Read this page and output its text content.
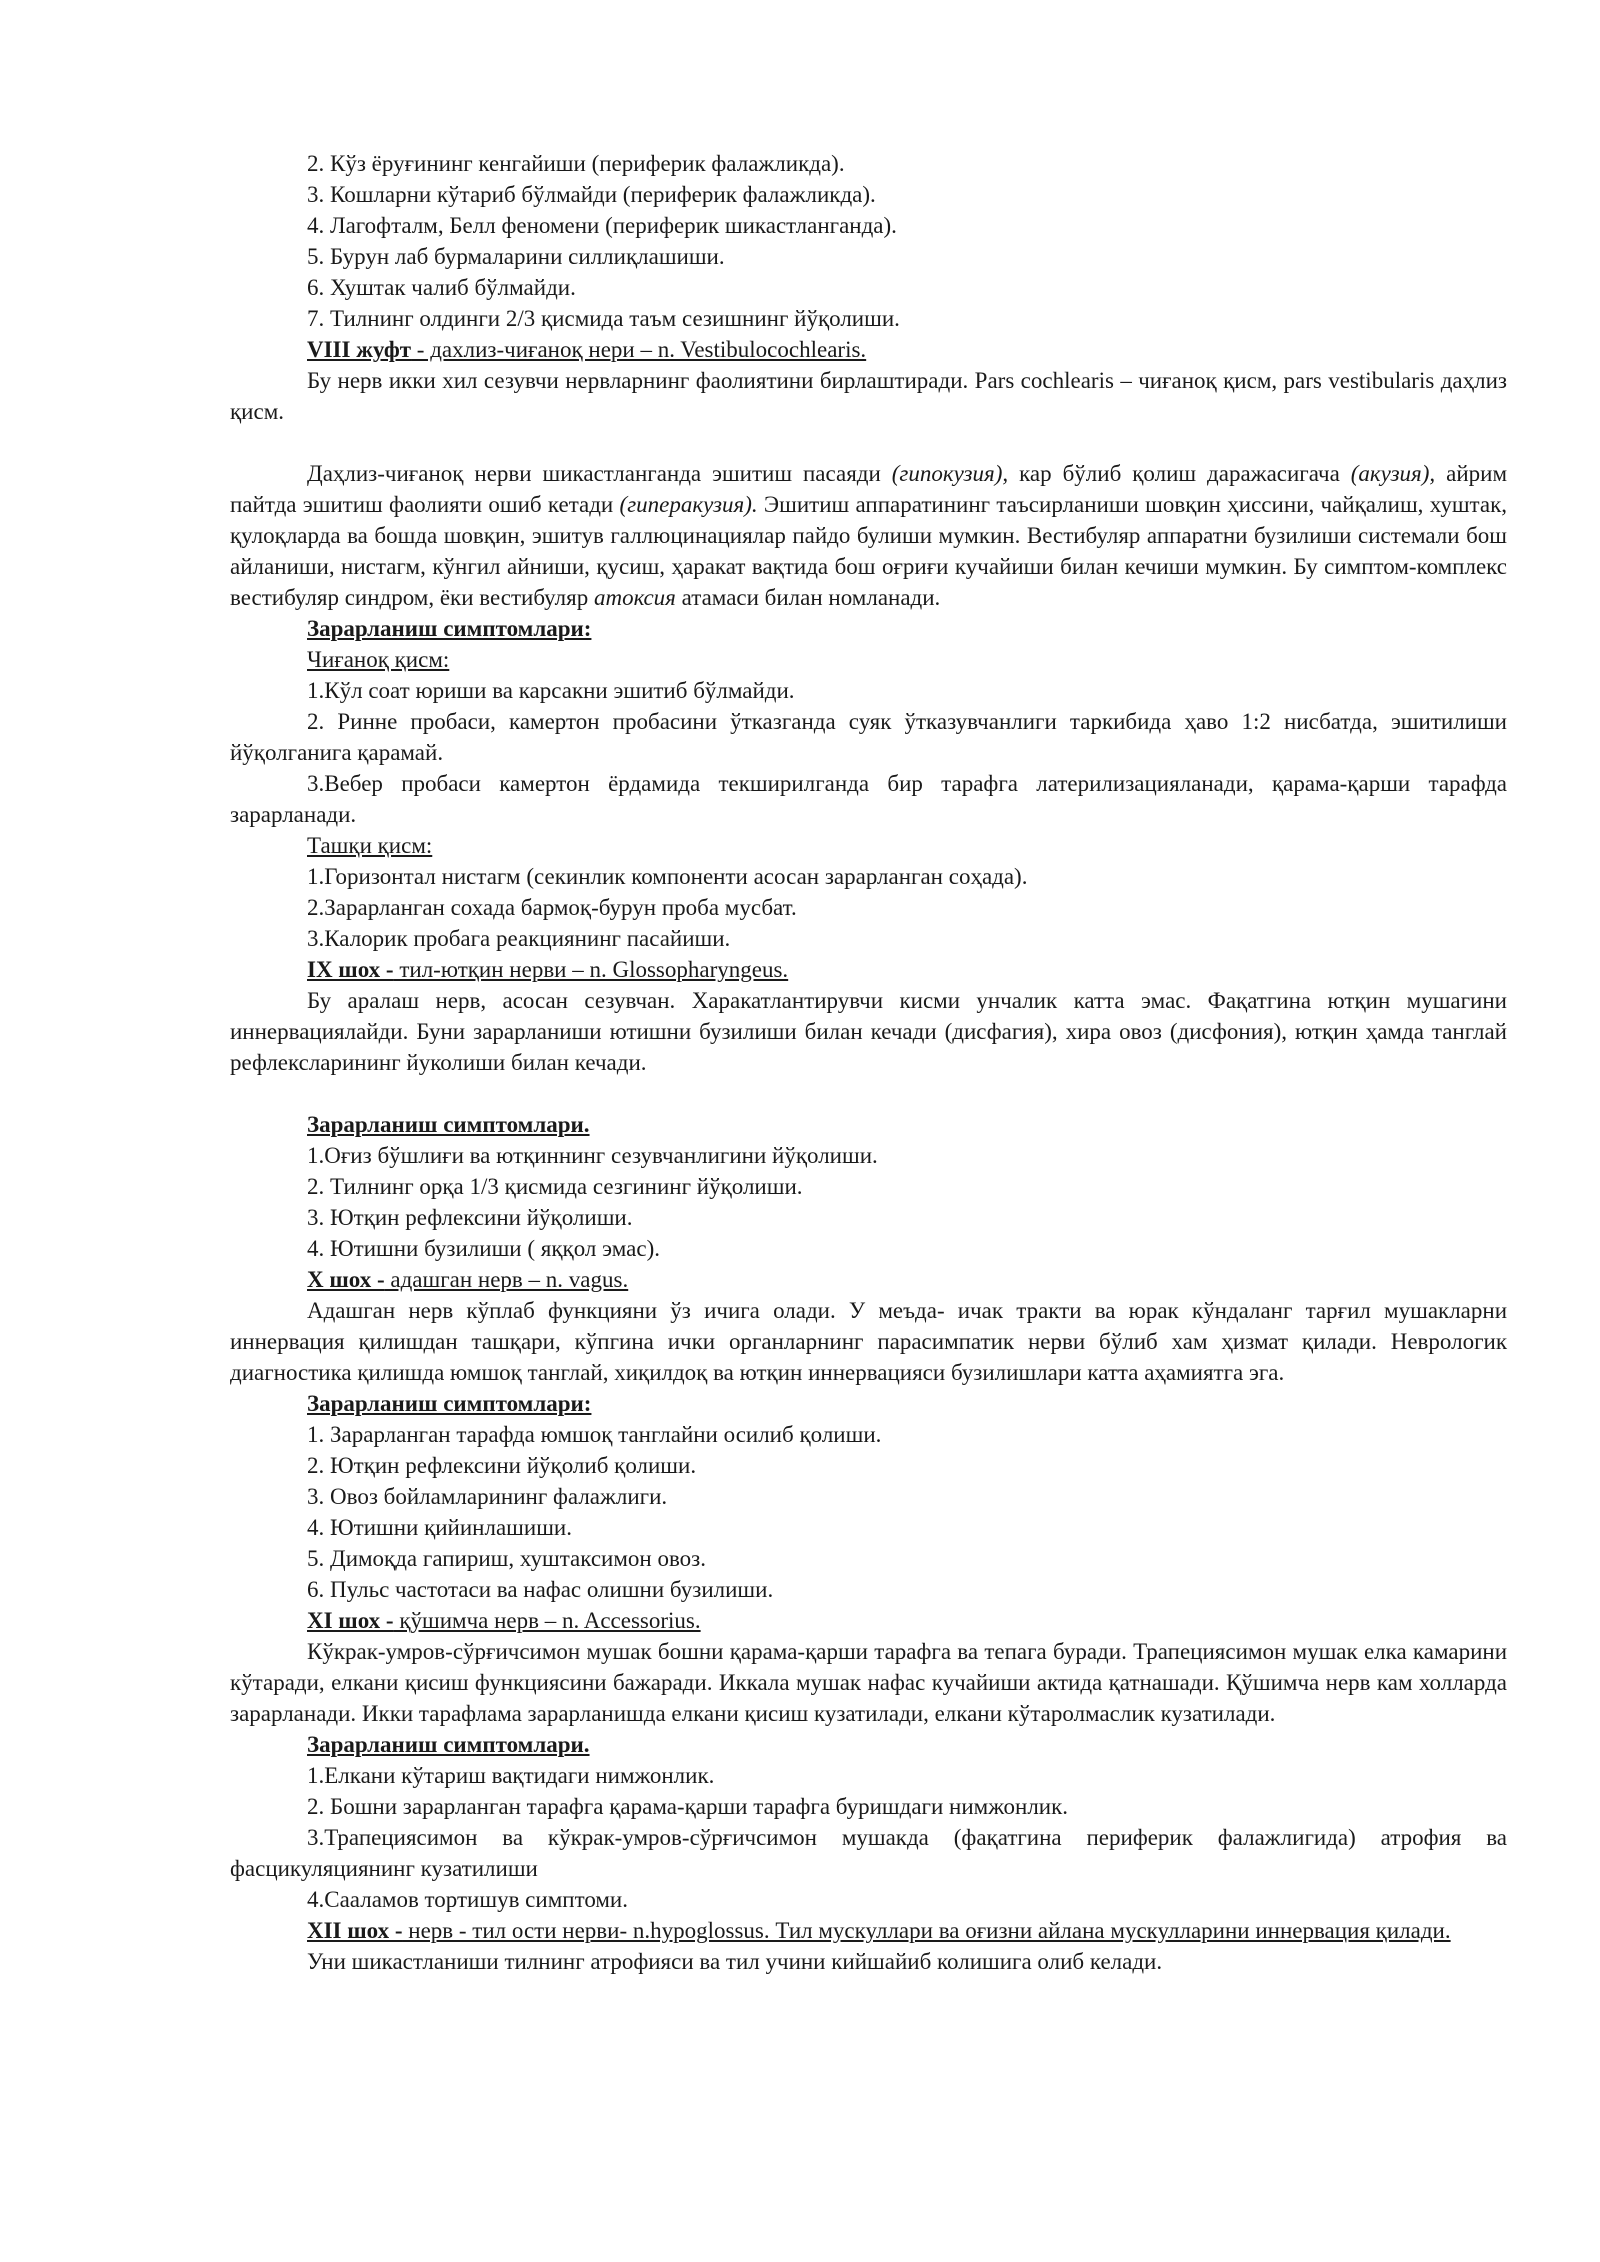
2. Кўз ёруғининг кенгайиши (периферик фалажликда).

3. Кошларни кўтариб бўлмайди (периферик фалажликда).

4. Лагофталм, Белл феномени (периферик шикастланганда).

5. Бурун лаб бурмаларини силлиқлашиши.

6. Хуштак чалиб бўлмайди.

7. Тилнинг олдинги 2/3 қисмида таъм сезишнинг йўқолиши.

VIII жуфт - дахлиз-чиғаноқ нери – n. Vestibulocochlearis.

Бу нерв икки хил сезувчи нервларнинг фаолиятини бирлаштиради. Pars cochlearis – чиғаноқ қисм, pars vestibularis даҳлиз қисм.

Даҳлиз-чиғаноқ нерви шикастланганда эшитиш пасаяди (гипокузия), кар бўлиб қолиш даражасигача (акузия), айрим пайтда эшитиш фаолияти ошиб кетади (гиперакузия). Эшитиш аппаратининг таъсирланиши шовқин ҳиссини, чайқалиш, хуштак, қулоқларда ва бошда шовқин, эшитув галлюцинациялар пайдо булиши мумкин. Вестибуляр аппаратни бузилиши системали бош айланиши, нистагм, кўнгил айниши, қусиш, ҳаракат вақтида бош оғриғи кучайиши билан кечиши мумкин. Бу симптом-комплекс вестибуляр синдром, ёки вестибуляр атоксия атамаси билан номланади.

Зарарланиш симптомлари:

Чиғаноқ қисм:

1.Кўл соат юриши ва карсакни эшитиб бўлмайди.

2. Ринне пробаси, камертон пробасини ўтказганда суяк ўтказувчанлиги таркибида ҳаво 1:2 нисбатда, эшитилиши йўқолганига қарамай.

3.Вебер пробаси камертон ёрдамида текширилганда бир тарафга латерилизацияланади, қарама-қарши тарафда зарарланади.

Ташқи қисм:

1.Горизонтал нистагм (секинлик компоненти асосан зарарланган соҳада).

2.Зарарланган сохада бармоқ-бурун проба мусбат.

3.Калорик пробага реакциянинг пасайиши.

IX шох - тил-ютқин нерви – n. Glossopharyngeus.

Бу аралаш нерв, асосан сезувчан. Харакатлантирувчи кисми унчалик катта эмас. Фақатгина ютқин мушагини иннервациялайди. Буни зарарланиши ютишни бузилиши билан кечади (дисфагия), хира овоз (дисфония), ютқин ҳамда танглай рефлексларининг йуколиши билан кечади.

Зарарланиш симптомлари.

1.Оғиз бўшлиғи ва ютқиннинг сезувчанлигини йўқолиши.

2. Тилнинг орқа 1/3 қисмида сезгининг йўқолиши.

3. Ютқин рефлексини йўқолиши.

4. Ютишни бузилиши ( яққол эмас).

X шох - адашган нерв – n. vagus.

Адашган нерв кўплаб функцияни ўз ичига олади. У меъда- ичак тракти ва юрак кўндаланг тарғил мушакларни иннервация қилишдан ташқари, кўпгина ички органларнинг парасимпатик нерви бўлиб хам ҳизмат қилади. Неврологик диагностика қилишда юмшоқ танглай, хиқилдоқ ва ютқин иннервацияси бузилишлари катта аҳамиятга эга.

Зарарланиш симптомлари:

1. Зарарланган тарафда юмшоқ танглайни осилиб қолиши.

2. Ютқин рефлексини йўқолиб қолиши.

3. Овоз бойламларининг фалажлиги.

4. Ютишни қийинлашиши.

5. Димоқда гапириш, хуштаксимон овоз.

6. Пульс частотаси ва нафас олишни бузилиши.

XI шох - қўшимча нерв – n. Accessorius.

Кўкрак-умров-сўрғичсимон мушак бошни қарама-қарши тарафга ва тепага буради. Трапециясимон мушак елка камарини кўтаради, елкани қисиш функциясини бажаради. Иккала мушак нафас кучайиши актида қатнашади. Қўшимча нерв кам холларда зарарланади. Икки тарафлама зарарланишда елкани қисиш кузатилади, елкани кўтаролмаслик кузатилади.

Зарарланиш симптомлари.

1.Елкани кўтариш вақтидаги нимжонлик.

2. Бошни зарарланган тарафга қарама-қарши тарафга буришдаги нимжонлик.

3.Трапециясимон ва кўкрак-умров-сўрғичсимон мушакда (фақатгина периферик фалажлигида) атрофия ва фасцикуляциянинг кузатилиши

4.Сааламов тортишув симптоми.

XII шох - нерв - тил ости нерви- n.hypoglossus. Тил мускуллари ва оғизни айлана мускулларини иннервация қилади.

Уни шикастланиши тилнинг атрофияси ва тил учини кийшайиб колишига олиб келади.
